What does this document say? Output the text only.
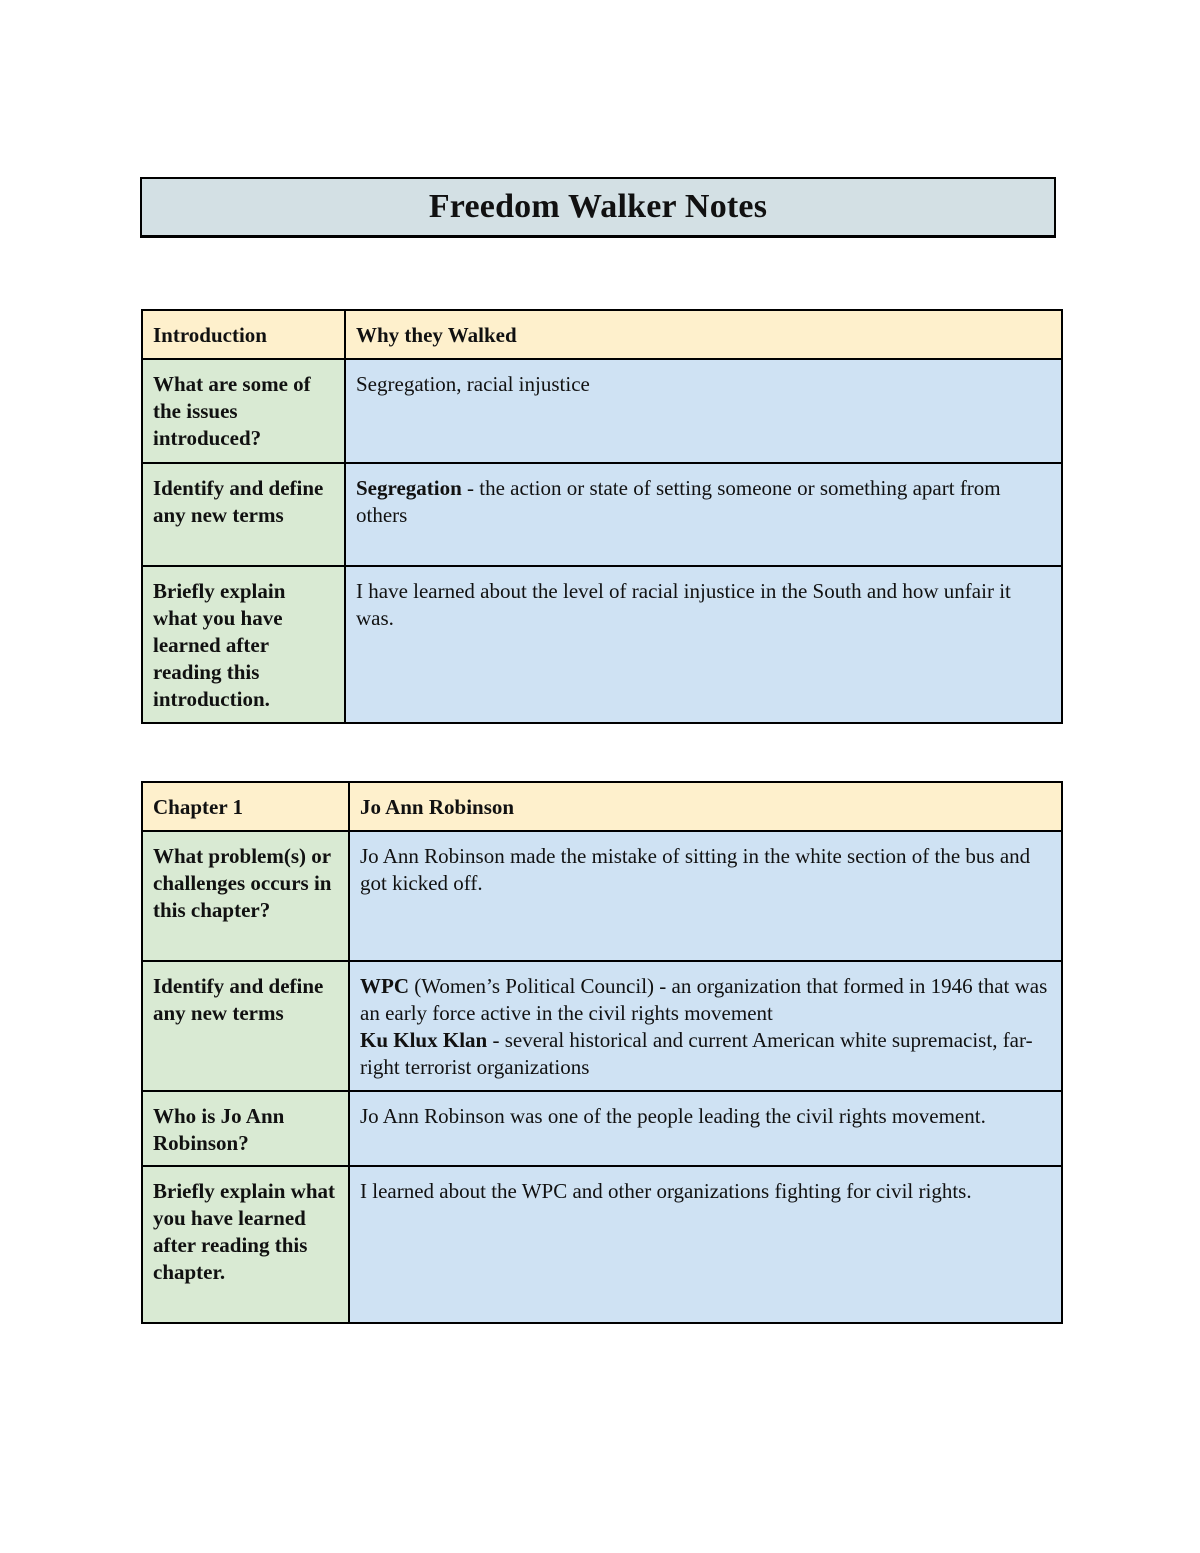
Freedom Walker Notes
Introduction	Why they Walked
What are some of the issues introduced?	Segregation, racial injustice
Identify and define any new terms	Segregation - the action or state of setting someone or something apart from others
Briefly explain what you have learned after reading this introduction.	I have learned about the level of racial injustice in the South and how unfair it was.
Chapter 1	Jo Ann Robinson
What problem(s) or challenges occurs in this chapter?	Jo Ann Robinson made the mistake of sitting in the white section of the bus and got kicked off.
Identify and define any new terms	WPC (Women’s Political Council) - an organization that formed in 1946 that was an early force active in the civil rights movement
Ku Klux Klan - several historical and current American white supremacist, far-right terrorist organizations
Who is Jo Ann Robinson?	Jo Ann Robinson was one of the people leading the civil rights movement.
Briefly explain what you have learned after reading this chapter.	I learned about the WPC and other organizations fighting for civil rights.
